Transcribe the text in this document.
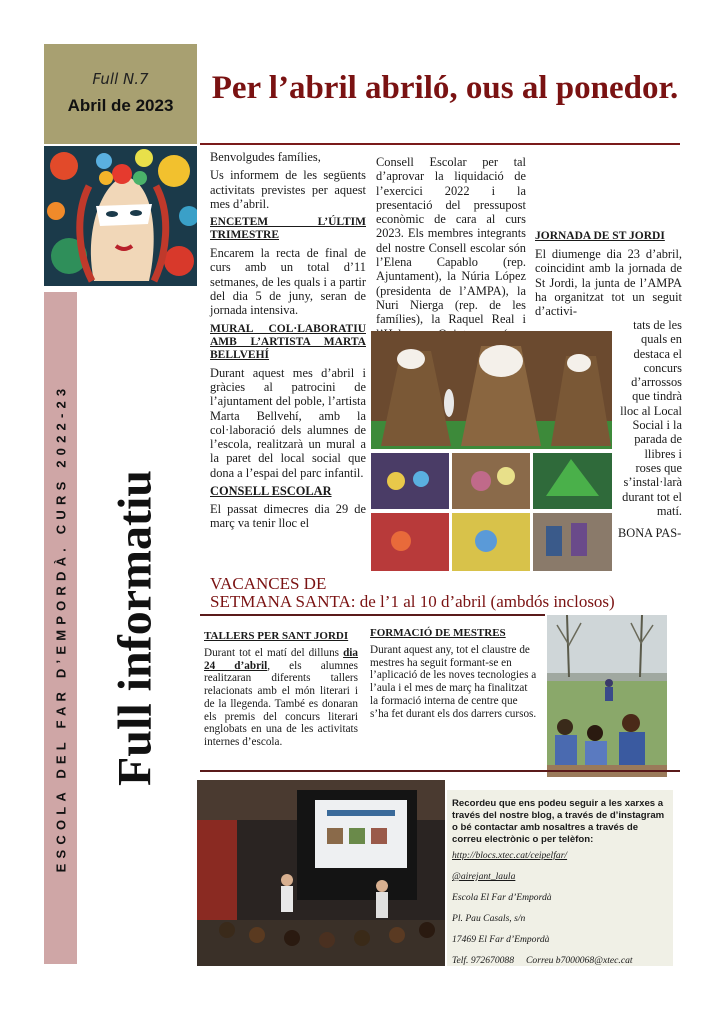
Full N.7
Abril de 2023
ESCOLA DEL FAR D’EMPORDÀ. CURS 2022-23 Full informatiu
Per l’abril abriló, ous al ponedor.

Benvolgudes famílies,

Us informem de les següents activitats previstes per aquest mes d’abril.

ENCETEM L’ÚLTIM TRIMESTRE

Encarem la recta de final de curs amb un total d’11 setmanes, de les quals i a partir del dia 5 de juny, seran de jornada intensiva.

MURAL COL·LABORATIU AMB L’ARTISTA MARTA BELLVEHÍ

Durant aquest mes d’abril i gràcies al patrocini de l’ajuntament del poble, l’artista Marta Bellvehí, amb la col·laboració dels alumnes de l’escola, realitzarà un mural a la paret del local social que dona a l’espai del parc infantil.

CONSELL ESCOLAR

El passat dimecres dia 29 de març va tenir lloc el

Consell Escolar per tal d’aprovar la liquidació de l’exercici 2022 i la presentació del pressupost econòmic de cara al curs 2023. Els membres integrants del nostre Consell escolar són l’Elena Capablo (rep. Ajuntament), la Núria López (presidenta de l’AMPA), la Nuri Nierga (rep. de les famílies), la Raquel Real i

JORNADA DE ST JORDI

El diumenge dia 23 d’abril, coincidint amb la jornada de St Jordi, la junta de l’AMPA ha organitzat tot un seguit d’activi-

tats de les quals en destaca el concurs d’arrossos que tindrà lloc al Local Social i la parada de llibres i roses que s’instal·larà durant tot el matí.

BONA PAS-

VACANCES DE
SETMANA SANTA: de l’1 al 10 d’abril (ambdós inclosos)
TALLERS PER SANT JORDI
Durant tot el matí del dilluns dia 24 d’abril, els alumnes realitzaran diferents tallers relacionats amb el món literari i de la llegenda. També es donaran els premis del concurs literari englobats en una de les activitats internes d’escola.
FORMACIÓ DE MESTRES
Durant aquest any, tot el claustre de mestres ha seguit formant-se en l’aplicació de les noves tecnologies a l’aula i el mes de març ha finalitzat la formació interna de centre que s’ha fet durant els dos darrers cursos.
Recordeu que ens podeu seguir a les xarxes a través del nostre blog, a través de d’instagram o bé contactar amb nosaltres a través de correu electrònic o per telèfon:
http://blocs.xtec.cat/ceipelfar/
@airejant_laula
Escola El Far d’Empordà
Pl. Pau Casals, s/n
17469 El Far d’Empordà
Telf. 972670088 Correu b7000068@xtec.cat
